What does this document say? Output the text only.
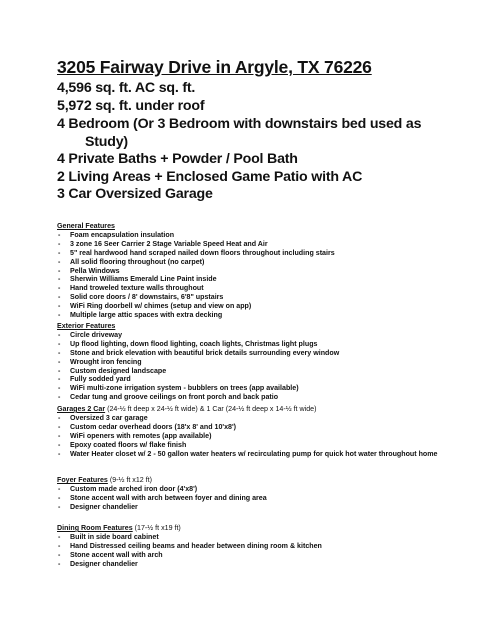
3205 Fairway Drive in Argyle, TX 76226
4,596 sq. ft. AC sq. ft.
5,972 sq. ft. under roof
4 Bedroom (Or 3 Bedroom with downstairs bed used as
Study)
4 Private Baths + Powder / Pool Bath
2 Living Areas + Enclosed Game Patio with AC
3 Car Oversized Garage
General Features
- Foam encapsulation insulation
- 3 zone 16 Seer Carrier 2 Stage Variable Speed Heat and Air
- 5" real hardwood hand scraped nailed down floors throughout including stairs
- All solid flooring throughout (no carpet)
- Pella Windows
- Sherwin Williams Emerald Line Paint inside
- Hand troweled texture walls throughout
- Solid core doors / 8' downstairs, 6'8" upstairs
- WiFi Ring doorbell w/ chimes (setup and view on app)
- Multiple large attic spaces with extra decking
Exterior Features
- Circle driveway
- Up flood lighting, down flood lighting, coach lights, Christmas light plugs
- Stone and brick elevation with beautiful brick details surrounding every window
- Wrought iron fencing
- Custom designed landscape
- Fully sodded yard
- WiFi multi-zone irrigation system - bubblers on trees (app available)
- Cedar tung and groove ceilings on front porch and back patio
Garages 2 Car (24-½ ft deep x 24-½ ft wide) & 1 Car (24-½ ft deep x 14-½ ft wide)
- Oversized 3 car garage
- Custom cedar overhead doors (18'x 8' and 10'x8')
- WiFi openers with remotes (app available)
- Epoxy coated floors w/ flake finish
- Water Heater closet w/ 2 - 50 gallon water heaters w/ recirculating pump for quick hot water throughout home
Foyer Features (9-½ ft x12 ft)
- Custom made arched iron door (4'x8')
- Stone accent wall with arch between foyer and dining area
- Designer chandelier
Dining Room Features (17-½ ft x19 ft)
- Built in side board cabinet
- Hand Distressed ceiling beams and header between dining room & kitchen
- Stone accent wall with arch
- Designer chandelier
